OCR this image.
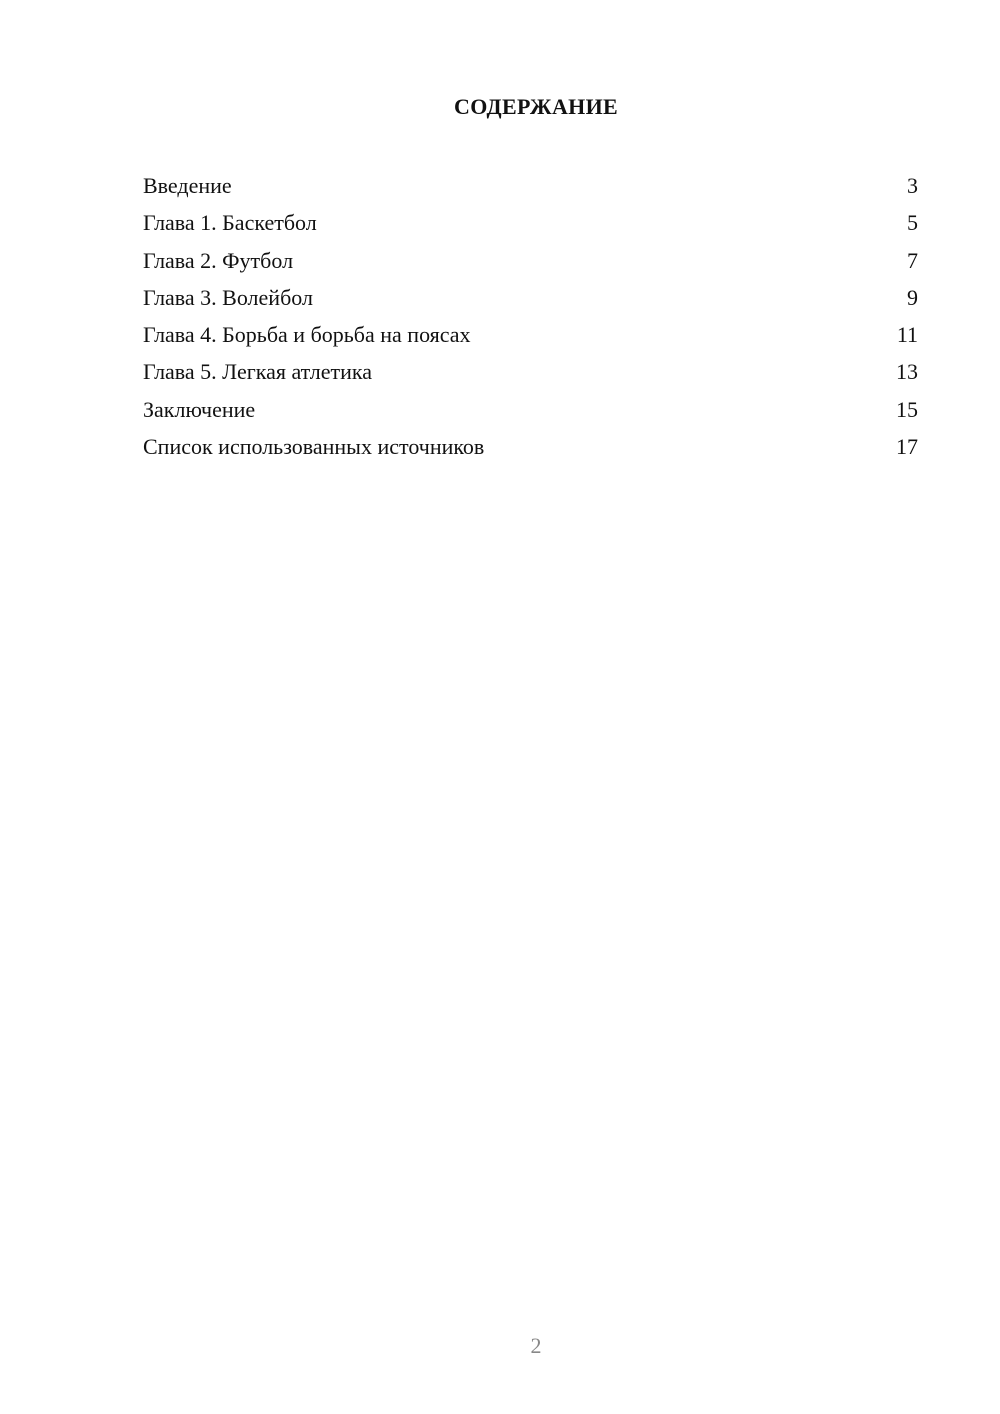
СОДЕРЖАНИЕ
Введение	3
Глава 1. Баскетбол	5
Глава 2. Футбол	7
Глава 3. Волейбол	9
Глава 4. Борьба и борьба на поясах	11
Глава 5. Легкая атлетика	13
Заключение	15
Список использованных источников	17
2
